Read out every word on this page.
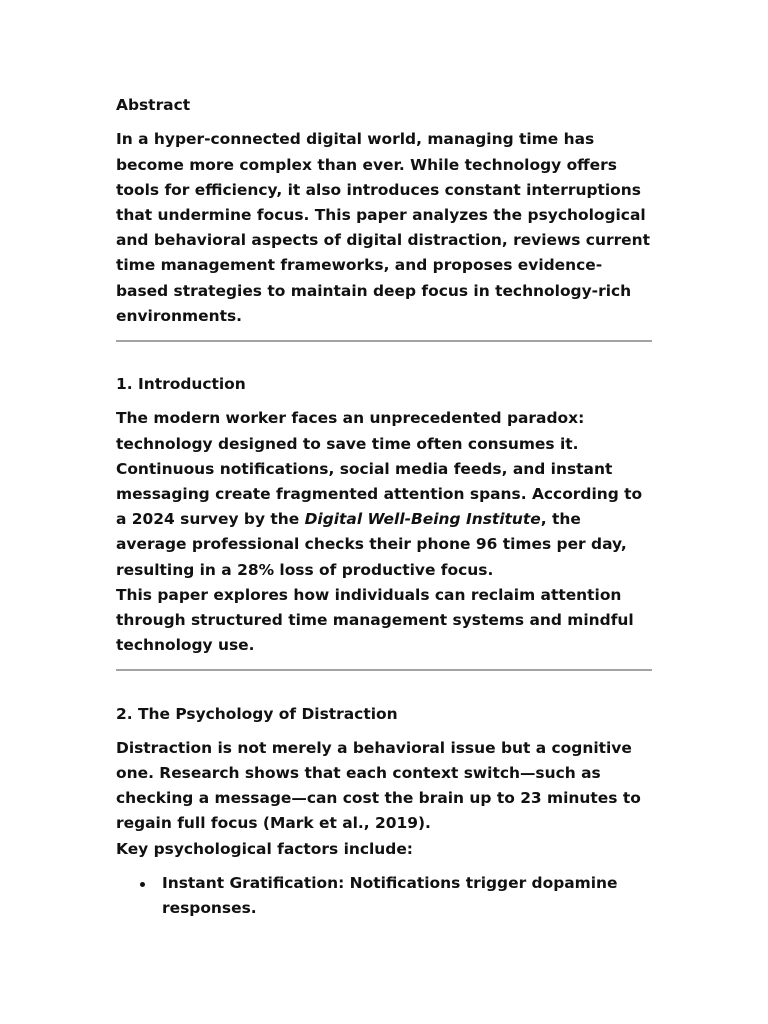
Abstract

In a hyper-connected digital world, managing time has become more complex than ever. While technology offers tools for efficiency, it also introduces constant interruptions that undermine focus. This paper analyzes the psychological and behavioral aspects of digital distraction, reviews current time management frameworks, and proposes evidence-based strategies to maintain deep focus in technology-rich environments.

1. Introduction

The modern worker faces an unprecedented paradox: technology designed to save time often consumes it. Continuous notifications, social media feeds, and instant messaging create fragmented attention spans. According to a 2024 survey by the Digital Well-Being Institute, the average professional checks their phone 96 times per day, resulting in a 28% loss of productive focus.

This paper explores how individuals can reclaim attention through structured time management systems and mindful technology use.

2. The Psychology of Distraction

Distraction is not merely a behavioral issue but a cognitive one. Research shows that each context switch—such as checking a message—can cost the brain up to 23 minutes to regain full focus (Mark et al., 2019).

Key psychological factors include:

Instant Gratification: Notifications trigger dopamine responses.
